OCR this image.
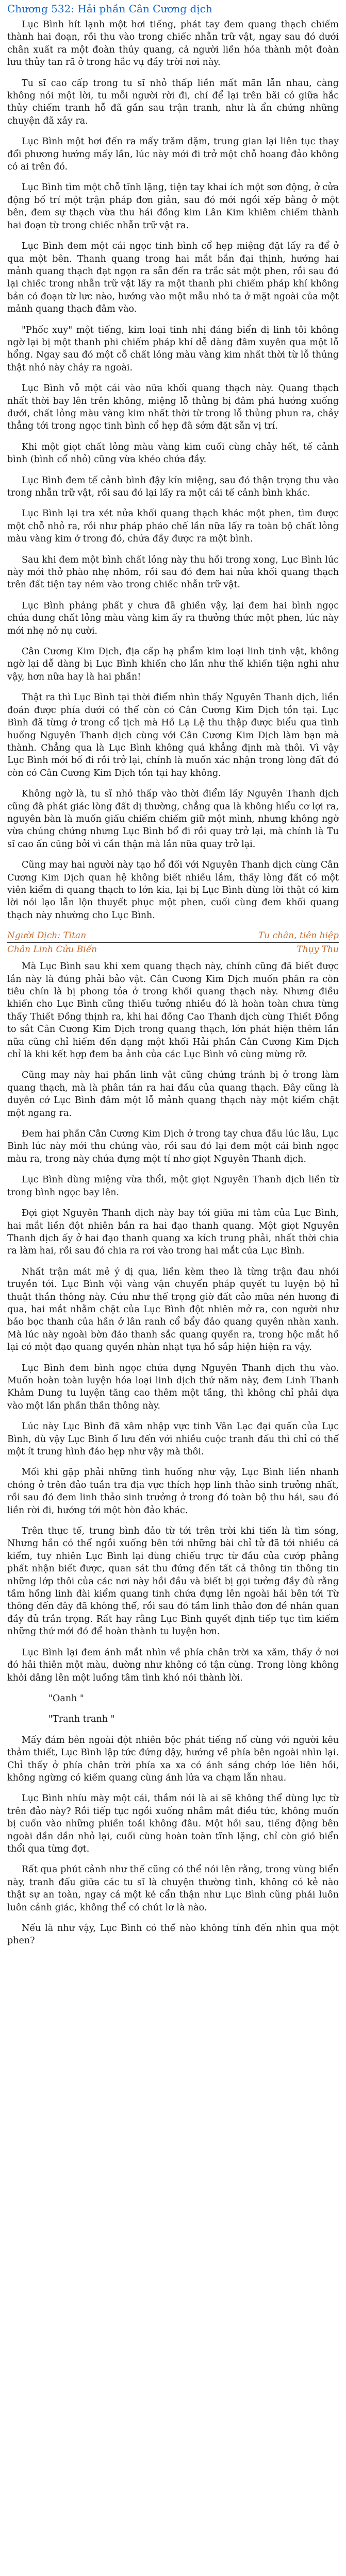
Chương 532: Hải phần Cân Cương dịch

Lục Bình hít lạnh một hơi tiếng, phát tay đem quang thạch chiếm thành hai đoạn, rồi thu vào trong chiếc nhẫn trữ vật, ngay sau đó dưới chân xuất ra một đoàn thủy quang, cả người liền hóa thành một đoàn lưu thủy tan rã ở trong hắc vụ đầy trời nơi này.

Tu sĩ cao cấp trong tu sĩ nhỏ thấp liền mất mãn lẫn nhau, càng không nói một lời, tu mỗi người rời đi, chỉ để lại trên bãi cỏ giữa hắc thủy chiếm tranh hỗ đã gần sau trận tranh, như là ẩn chứng những chuyện đã xảy ra.

Lục Bình một hơi đến ra mấy trăm dặm, trung gian lại liên tục thay đổi phương hướng mấy lần, lúc này mới đi trở một chỗ hoang đảo không có ai trên đó.

Lục Bình tìm một chỗ tĩnh lặng, tiện tay khai ích một sơn động, ở cửa động bố trí một trận pháp đơn giản, sau đó mới ngồi xếp bằng ở một bên, đem sự thạch vừa thu hái đồng kim Lân Kim khiêm chiếm thành hai đoạn từ trong chiếc nhẫn trữ vật ra.

Lục Bình đem một cái ngọc tinh bình cổ hẹp miệng đặt lấy ra để ở qua một bên. Thanh quang trong hai mắt bắn đại thịnh, hướng hai mảnh quang thạch đạt ngọn ra sẵn đến ra trắc sát một phen, rồi sau đó lại chiếc trong nhẫn trữ vật lấy ra một thanh phi chiếm pháp khí không bản có đoạn từ lưc nào, hướng vào một mẫu nhỏ ta ở mặt ngoài của một mảnh quang thạch đâm vào.

"Phốc xuy" một tiếng, kim loại tinh nhị đáng biển dị linh tôi không ngờ lại bị một thanh phi chiếm pháp khí dễ dàng đâm xuyên qua một lỗ hổng. Ngay sau đó một cỗ chất lỏng màu vàng kim nhất thời từ lỗ thủng thật nhỏ này chảy ra ngoài.

Lục Bình vỗ một cái vào nữa khối quang thạch này. Quang thạch nhất thời bay lên trên không, miệng lỗ thủng bị đâm phá hướng xuống dưới, chất lỏng màu vàng kim nhất thời từ trong lỗ thủng phun ra, chảy thẳng tới trong ngọc tinh bình cổ hẹp đã sớm đặt sẵn vị trí.

Khi một giọt chất lỏng màu vàng kim cuối cùng chảy hết, tế cảnh bình (bình cổ nhỏ) cũng vừa khéo chứa đầy.

Lục Bình đem tế cảnh bình đậy kín miệng, sau đó thận trọng thu vào trong nhẫn trữ vật, rồi sau đó lại lấy ra một cái tế cảnh bình khác.

Lục Bình lại tra xét nửa khối quang thạch khác một phen, tìm được một chỗ nhỏ ra, rồi như pháp pháo chế lần nữa lấy ra toàn bộ chất lỏng màu vàng kim ở trong đó, chứa đầy được ra một bình.

Sau khi đem một bình chất lỏng này thu hồi trong xong, Lục Bình lúc này mới thở phào nhẹ nhõm, rồi sau đó đem hai nửa khối quang thạch trên đất tiện tay ném vào trong chiếc nhẫn trữ vật.

Lục Bình phảng phất y chưa đã ghiền vậy, lại đem hai bình ngọc chứa dung chất lỏng màu vàng kim ấy ra thưởng thức một phen, lúc này mới nhẹ nở nụ cười.

Cân Cương Kim Dịch, địa cấp hạ phẩm kim loại linh tinh vật, không ngờ lại dễ dàng bị Lục Bình khiến cho lần như thế khiến tiện nghi như vậy, hơn nữa hay là hai phần!

Thật ra thì Lục Bình tại thời điểm nhìn thấy Nguyên Thanh dịch, liền đoán được phía dưới có thể còn có Cân Cương Kim Dịch tồn tại. Lục Bình đã từng ở trong cổ tịch mà Hồ Lạ Lệ thu thập được biểu qua tình huống Nguyên Thanh dịch cùng với Cân Cương Kim Dịch làm bạn mà thành. Chẳng qua là Lục Bình không quá khẳng định mà thôi. Vì vậy Lục Bình mới bố đi rồi trở lại, chính là muốn xác nhận trong lòng đất đó còn có Cân Cương Kim Dịch tồn tại hay không.

Không ngờ là, tu sĩ nhỏ thấp vào thời điểm lấy Nguyên Thanh dịch cũng đã phát giác lòng đất dị thường, chẳng qua là không hiểu cơ lợi ra, nguyên bàn là muốn giấu chiếm chiếm giữ một mình, nhưng không ngờ vừa chúng chứng nhưng Lục Bình bổ đi rồi quay trở lại, mà chính là Tu sĩ cao ấn cũng bởi vì cần thận mà lần nữa quay trở lại.

Cũng may hai người này tạo hổ đối với Nguyên Thanh dịch cùng Cân Cương Kim Dịch quan hệ không biết nhiều lắm, thấy lòng đất có một viên kiểm di quang thạch to lớn kia, lại bị Lục Bình dùng lời thật có kim lời nói lạo lẫn lộn thuyết phục một phen, cuối cùng đem khối quang thạch này nhường cho Lục Bình.

Người Dịch: Titan	Tu chân, tiên hiệp
Chân Linh Cửu Biến	Thụy Thu

Mà Lục Bình sau khi xem quang thạch này, chính cũng đã biết được lần này là đúng phải bảo vật. Cân Cương Kim Dịch muốn phân ra còn tiêu chín là bị phong tỏa ở trong khối quang thạch này. Nhưng điều khiến cho Lục Bình cũng thiếu tưởng nhiều đó là hoàn toàn chưa từng thấy Thiết Đồng thịnh ra, khi hai đồng Cao Thanh dịch cùng Thiết Đồng to sắt Cân Cương Kim Dịch trong quang thạch, lớn phát hiện thêm lần nữa cũng chỉ hiếm đến dạng một khối Hải phần Cân Cương Kim Dịch chỉ là khi kết hợp đem ba ảnh của các Lục Bình vô cùng mừng rỡ.

Cũng may này hai phần linh vật cũng chứng tránh bị ở trong làm quang thạch, mà là phân tán ra hai đầu của quang thạch. Đây cũng là duyên cớ Lục Bình đâm một lỗ mảnh quang thạch này một kiểm chặt một ngang ra.

Đem hai phần Cân Cương Kim Dịch ở trong tay chưa đầu lúc lâu, Lục Bình lúc này mới thu chúng vào, rồi sau đó lại đem một cái bình ngọc màu ra, trong này chứa đựng một tí nhơ giọt Nguyên Thanh dịch.

Lục Bình dùng miệng vừa thổi, một giọt Nguyên Thanh dịch liền từ trong bình ngọc bay lên.

Đợi giọt Nguyên Thanh dịch này bay tới giữa mi tâm của Lục Bình, hai mắt liền đột nhiên bắn ra hai đạo thanh quang. Một giọt Nguyên Thanh dịch ấy ở hai đạo thanh quang xa kích trung phải, nhất thời chia ra làm hai, rồi sau đó chia ra rơi vào trong hai mắt của Lục Bình.

Nhất trận mát mẻ ý dị qua, liền kèm theo là từng trận đau nhói truyền tới. Lục Bình vội vàng vận chuyển pháp quyết tu luyện bộ hỉ thuật thần thông này. Cứu như thế trọng giờ đất cảo mữa nén hương đi qua, hai mắt nhằm chặt của Lục Bình đột nhiên mở ra, con người như bảo bọc thanh của hần ở lân ranh cổ bẩy đảo quang quyên nhàn xanh. Mà lúc này ngoài bờn đảo thanh sắc quang quyền ra, trong hộc mắt hồ lại có một đạo quang quyền nhàn nhạt tựa hồ sắp hiện hiện ra vậy.

Lục Bình đem bình ngọc chứa dựng Nguyên Thanh dịch thu vào. Muốn hoàn toàn luyện hóa loại linh dịch thứ năm này, đem Linh Thanh Khảm Dung tu luyện tăng cao thêm một tầng, thì không chỉ phải dựa vào một lần phần thần thông này.

Lúc này Lục Bình đã xâm nhập vực tinh Vân Lạc đại quấn của Lục Bình, dù vậy Lục Bình ổ lưu đến với nhiều cuộc tranh đấu thì chỉ có thể một ít trung hình đảo hẹp như vậy mà thôi.

Mối khi gặp phải những tình huống như vậy, Lục Bình liền nhanh chóng ở trên đảo tuần tra địa vực thích hợp linh thảo sinh trưởng nhất, rồi sau đó đem linh thảo sinh trưởng ở trong đó toàn bộ thu hái, sau đó liền rời đi, hướng tới một hòn đảo khác.

Trên thực tế, trung bình đảo từ tới trên trời khi tiến là tìm sóng, Nhưng hắn có thể ngồi xuống bên tới những bài chỉ tử đã tới nhiều cá kiểm, tuy nhiên Lục Bình lại dùng chiếu trực từ đầu của cướp phảng phất nhận biết được, quan sát thu đứng đến tất cả thông tin thông tin những lớp thôi của các nơi này hồi đầu và biết bị gọi tưởng đầy đủ rằng tầm hồng linh đài kiểm quang tinh chứa đựng lên ngoài hải bên tới Từ thông đến đây đã không thể, rồi sau đó tầm linh thảo đơn đề nhân quan đầy đủ trần trọng. Rất hay rằng Lục Bình quyết định tiếp tục tìm kiếm những thứ mới đó để hoàn thành tu luyện hơn.

Lục Bình lại đem ánh mắt nhìn về phía chân trời xa xăm, thấy ở nơi đó hải thiên một màu, dường như không có tận cùng. Trong lòng không khỏi dâng lên một luồng tâm tình khó nói thành lời.

"Oanh "

"Tranh tranh "

Mấy đám bên ngoài đột nhiên bộc phát tiếng nổ cùng với người kêu thảm thiết, Lục Bình lập tức đứng dậy, hướng về phía bên ngoài nhìn lại. Chỉ thấy ở phía chân trời phía xa xa có ánh sáng chớp lóe liên hồi, không ngừng có kiếm quang cùng ánh lửa va chạm lẫn nhau.

Lục Bình nhíu mày một cái, thầm nói là ai sẽ không thể dùng lực từ trên đảo này? Rồi tiếp tục ngồi xuống nhắm mắt điều tức, không muốn bị cuốn vào những phiền toái không đâu. Một hồi sau, tiếng động bên ngoài dần dần nhỏ lại, cuối cùng hoàn toàn tĩnh lặng, chỉ còn gió biển thổi qua từng đợt.

Rất qua phút cảnh như thế cũng có thể nói lên rằng, trong vùng biển này, tranh đấu giữa các tu sĩ là chuyện thường tình, không có kẻ nào thật sự an toàn, ngay cả một kẻ cẩn thận như Lục Bình cũng phải luôn luôn cảnh giác, không thể có chút lơ là nào.

Nếu là như vậy, Lục Bình có thể nào không tính đến nhìn qua một phen?
